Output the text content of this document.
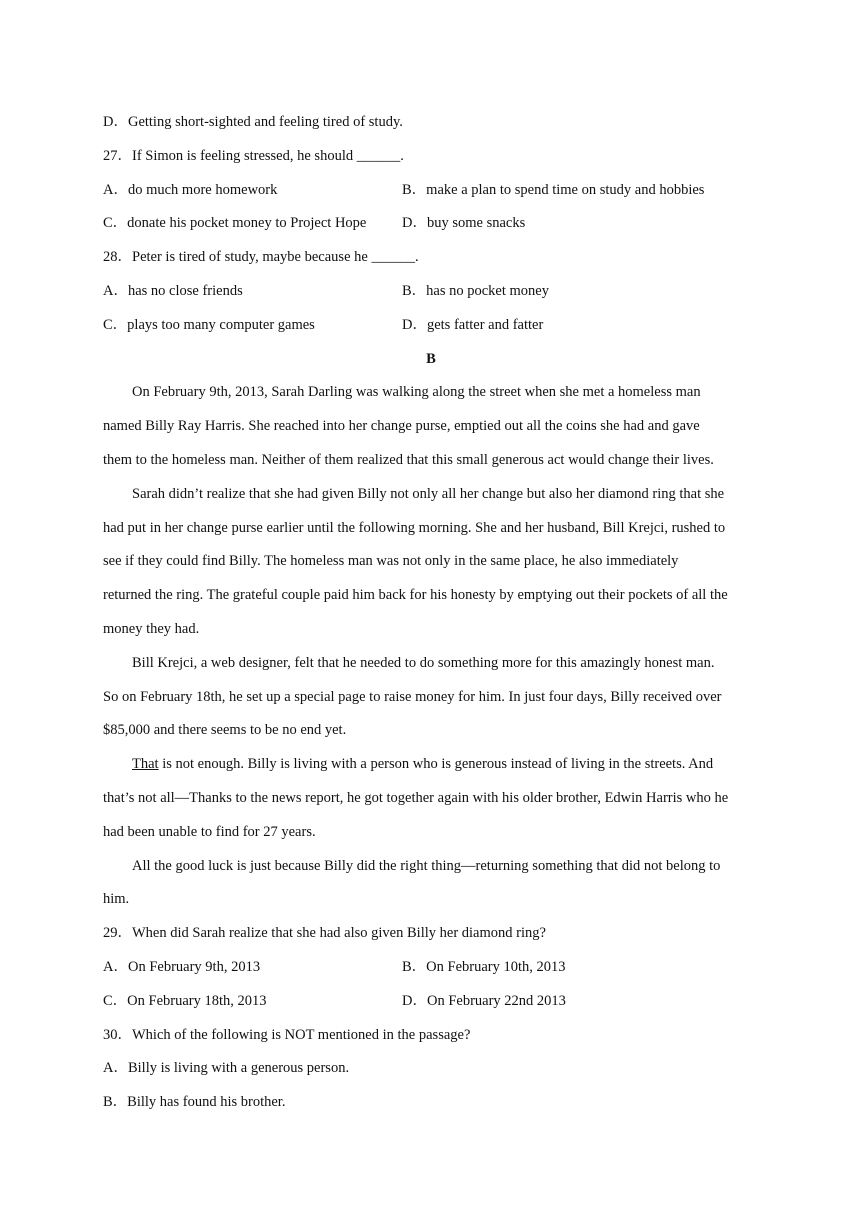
D．Getting short-sighted and feeling tired of study.
27．If Simon is feeling stressed, he should ______.
A．do much more homework	B．make a plan to spend time on study and hobbies
C．donate his pocket money to Project Hope	D．buy some snacks
28．Peter is tired of study, maybe because he ______.
A．has no close friends	B．has no pocket money
C．plays too many computer games	D．gets fatter and fatter
B
On February 9th, 2013, Sarah Darling was walking along the street when she met a homeless man
named Billy Ray Harris. She reached into her change purse, emptied out all the coins she had and gave
them to the homeless man. Neither of them realized that this small generous act would change their lives.
Sarah didn’t realize that she had given Billy not only all her change but also her diamond ring that she
had put in her change purse earlier until the following morning. She and her husband, Bill Krejci, rushed to
see if they could find Billy. The homeless man was not only in the same place, he also immediately
returned the ring. The grateful couple paid him back for his honesty by emptying out their pockets of all the
money they had.
Bill Krejci, a web designer, felt that he needed to do something more for this amazingly honest man.
So on February 18th, he set up a special page to raise money for him. In just four days, Billy received over
$85,000 and there seems to be no end yet.
That is not enough. Billy is living with a person who is generous instead of living in the streets. And
that’s not all—Thanks to the news report, he got together again with his older brother, Edwin Harris who he
had been unable to find for 27 years.
All the good luck is just because Billy did the right thing—returning something that did not belong to
him.
29．When did Sarah realize that she had also given Billy her diamond ring?
A．On February 9th, 2013	B．On February 10th, 2013
C．On February 18th, 2013	D．On February 22nd 2013
30．Which of the following is NOT mentioned in the passage?
A．Billy is living with a generous person.
B．Billy has found his brother.
